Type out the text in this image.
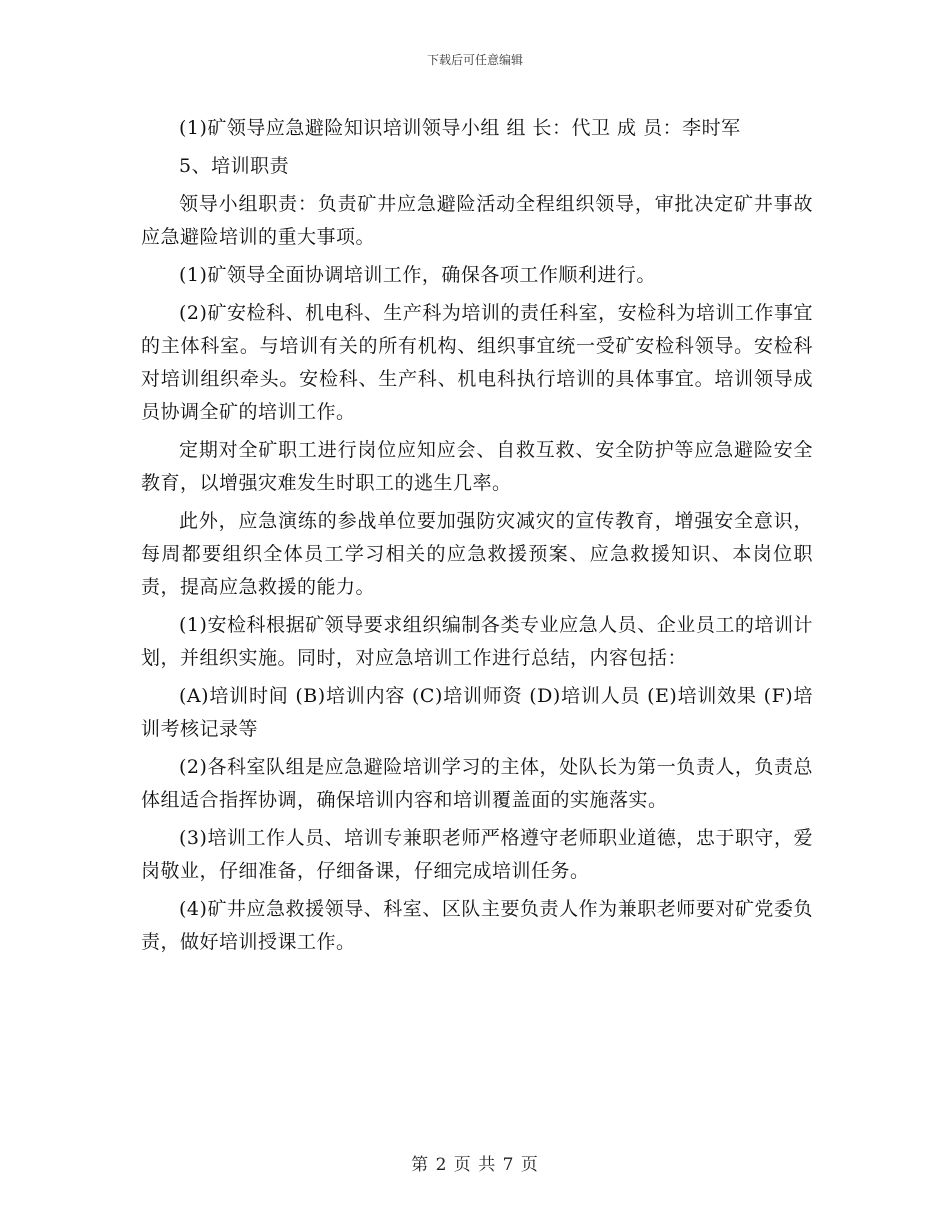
下载后可任意编辑

(1)矿领导应急避险知识培训领导小组 组 长：代卫 成 员：李时军

5、培训职责

领导小组职责：负责矿井应急避险活动全程组织领导，审批决定矿井事故应急避险培训的重大事项。

(1)矿领导全面协调培训工作，确保各项工作顺利进行。

(2)矿安检科、机电科、生产科为培训的责任科室，安检科为培训工作事宜的主体科室。与培训有关的所有机构、组织事宜统一受矿安检科领导。安检科对培训组织牵头。安检科、生产科、机电科执行培训的具体事宜。培训领导成员协调全矿的培训工作。

定期对全矿职工进行岗位应知应会、自救互救、安全防护等应急避险安全教育，以增强灾难发生时职工的逃生几率。

此外，应急演练的参战单位要加强防灾减灾的宣传教育，增强安全意识，每周都要组织全体员工学习相关的应急救援预案、应急救援知识、本岗位职责，提高应急救援的能力。

(1)安检科根据矿领导要求组织编制各类专业应急人员、企业员工的培训计划，并组织实施。同时，对应急培训工作进行总结，内容包括：

(A)培训时间 (B)培训内容 (C)培训师资 (D)培训人员 (E)培训效果 (F)培训考核记录等

(2)各科室队组是应急避险培训学习的主体，处队长为第一负责人，负责总体组适合指挥协调，确保培训内容和培训覆盖面的实施落实。

(3)培训工作人员、培训专兼职老师严格遵守老师职业道德，忠于职守，爱岗敬业，仔细准备，仔细备课，仔细完成培训任务。

(4)矿井应急救援领导、科室、区队主要负责人作为兼职老师要对矿党委负责，做好培训授课工作。

第 2 页 共 7 页
